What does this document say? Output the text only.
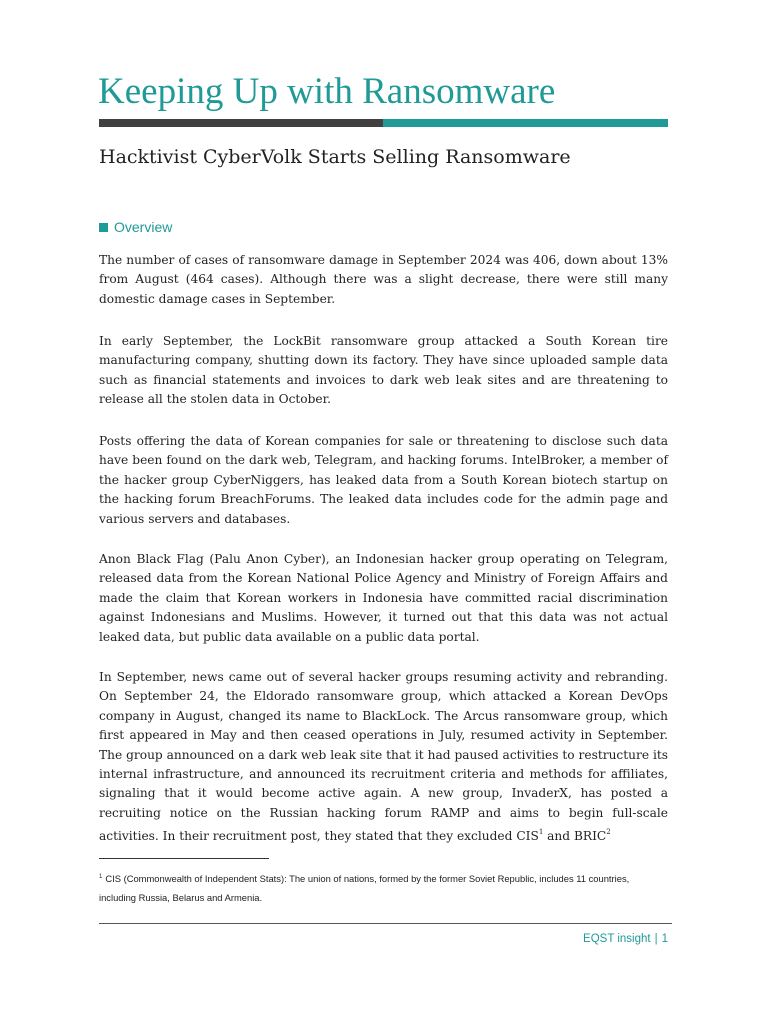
Keeping Up with Ransomware
Hacktivist CyberVolk Starts Selling Ransomware
Overview

The number of cases of ransomware damage in September 2024 was 406, down about 13% from August (464 cases). Although there was a slight decrease, there were still many domestic damage cases in September.

In early September, the LockBit ransomware group attacked a South Korean tire manufacturing company, shutting down its factory. They have since uploaded sample data such as financial statements and invoices to dark web leak sites and are threatening to release all the stolen data in October.

Posts offering the data of Korean companies for sale or threatening to disclose such data have been found on the dark web, Telegram, and hacking forums. IntelBroker, a member of the hacker group CyberNiggers, has leaked data from a South Korean biotech startup on the hacking forum BreachForums. The leaked data includes code for the admin page and various servers and databases.

Anon Black Flag (Palu Anon Cyber), an Indonesian hacker group operating on Telegram, released data from the Korean National Police Agency and Ministry of Foreign Affairs and made the claim that Korean workers in Indonesia have committed racial discrimination against Indonesians and Muslims. However, it turned out that this data was not actual leaked data, but public data available on a public data portal.

In September, news came out of several hacker groups resuming activity and rebranding. On September 24, the Eldorado ransomware group, which attacked a Korean DevOps company in August, changed its name to BlackLock. The Arcus ransomware group, which first appeared in May and then ceased operations in July, resumed activity in September. The group announced on a dark web leak site that it had paused activities to restructure its internal infrastructure, and announced its recruitment criteria and methods for affiliates, signaling that it would become active again. A new group, InvaderX, has posted a recruiting notice on the Russian hacking forum RAMP and aims to begin full-scale activities. In their recruitment post, they stated that they excluded CIS$^1$ and BRIC$^2$

$^1$ CIS (Commonwealth of Independent Stats): The union of nations, formed by the former Soviet Republic, includes 11 countries, including Russia, Belarus and Armenia.
EQST insight | 1
